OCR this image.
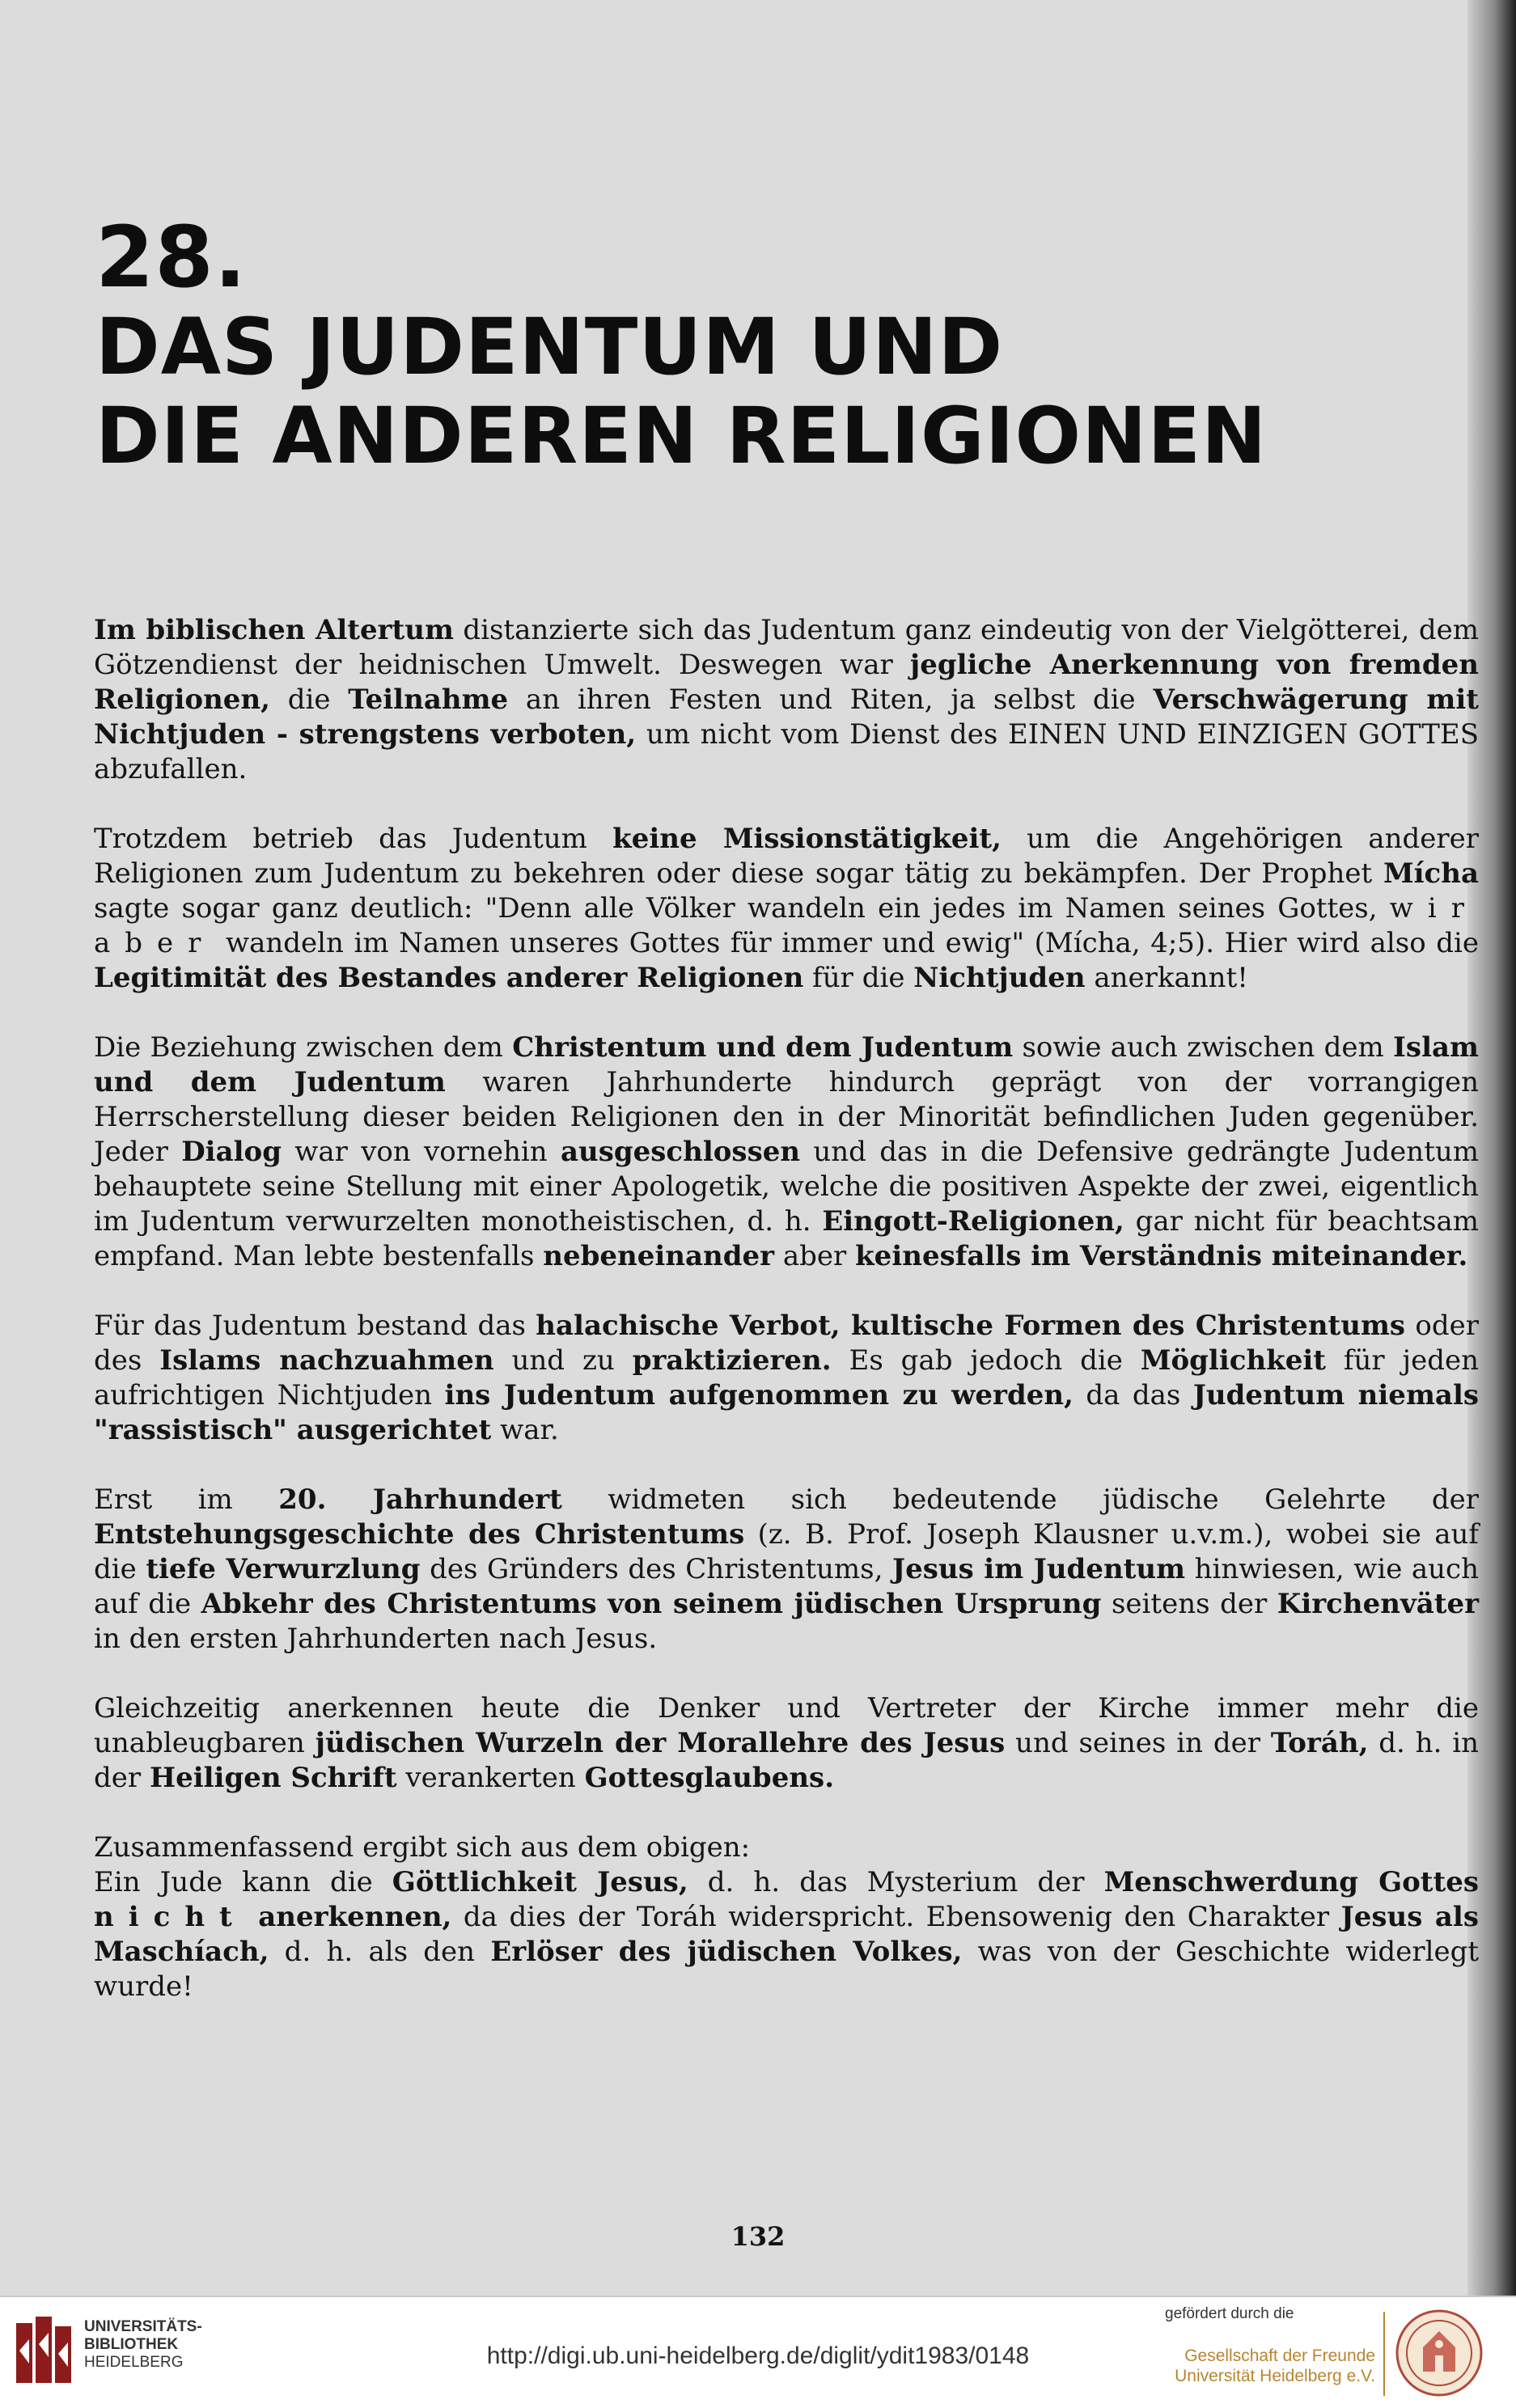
28.
DAS JUDENTUM UND
DIE ANDEREN RELIGIONEN

Im biblischen Altertum distanzierte sich das Judentum ganz eindeutig von der Vielgötterei, dem Götzendienst der heidnischen Umwelt. Deswegen war jegliche Anerkennung von fremden Religionen, die Teilnahme an ihren Festen und Riten, ja selbst die Verschwägerung mit Nichtjuden - strengstens verboten, um nicht vom Dienst des EINEN UND EINZIGEN GOTTES abzufallen.

Trotzdem betrieb das Judentum keine Missionstätigkeit, um die Angehörigen anderer Religionen zum Judentum zu bekehren oder diese sogar tätig zu bekämpfen. Der Prophet Mícha sagte sogar ganz deutlich: "Denn alle Völker wandeln ein jedes im Namen seines Gottes, wir aber wandeln im Namen unseres Gottes für immer und ewig" (Mícha, 4;5). Hier wird also die Legitimität des Bestandes anderer Religionen für die Nichtjuden anerkannt!

Die Beziehung zwischen dem Christentum und dem Judentum sowie auch zwischen dem Islam und dem Judentum waren Jahrhunderte hindurch geprägt von der vorrangigen Herrscherstellung dieser beiden Religionen den in der Minorität befindlichen Juden gegenüber. Jeder Dialog war von vornehin ausgeschlossen und das in die Defensive gedrängte Judentum behauptete seine Stellung mit einer Apologetik, welche die positiven Aspekte der zwei, eigentlich im Judentum verwurzelten monotheistischen, d. h. Eingott-Religionen, gar nicht für beachtsam empfand. Man lebte bestenfalls nebeneinander aber keinesfalls im Verständnis miteinander.

Für das Judentum bestand das halachische Verbot, kultische Formen des Christentums oder des Islams nachzuahmen und zu praktizieren. Es gab jedoch die Möglichkeit für jeden aufrichtigen Nichtjuden ins Judentum aufgenommen zu werden, da das Judentum niemals "rassistisch" ausgerichtet war.

Erst im 20. Jahrhundert widmeten sich bedeutende jüdische Gelehrte der Entstehungsgeschichte des Christentums (z. B. Prof. Joseph Klausner u.v.m.), wobei sie auf die tiefe Verwurzlung des Gründers des Christentums, Jesus im Judentum hinwiesen, wie auch auf die Abkehr des Christentums von seinem jüdischen Ursprung seitens der Kirchenväter in den ersten Jahrhunderten nach Jesus.

Gleichzeitig anerkennen heute die Denker und Vertreter der Kirche immer mehr die unableugbaren jüdischen Wurzeln der Morallehre des Jesus und seines in der Toráh, d. h. in der Heiligen Schrift verankerten Gottesglaubens.

Zusammenfassend ergibt sich aus dem obigen:
Ein Jude kann die Göttlichkeit Jesus, d. h. das Mysterium der Menschwerdung Gottes nicht anerkennen, da dies der Toráh widerspricht. Ebensowenig den Charakter Jesus als Maschíach, d. h. als den Erlöser des jüdischen Volkes, was von der Geschichte widerlegt wurde!

132
UNIVERSITÄTS-
BIBLIOTHEK
HEIDELBERG	http://digi.ub.uni-heidelberg.de/diglit/ydit1983/0148
gefördert durch die
Gesellschaft der Freunde
Universität Heidelberg e.V.
